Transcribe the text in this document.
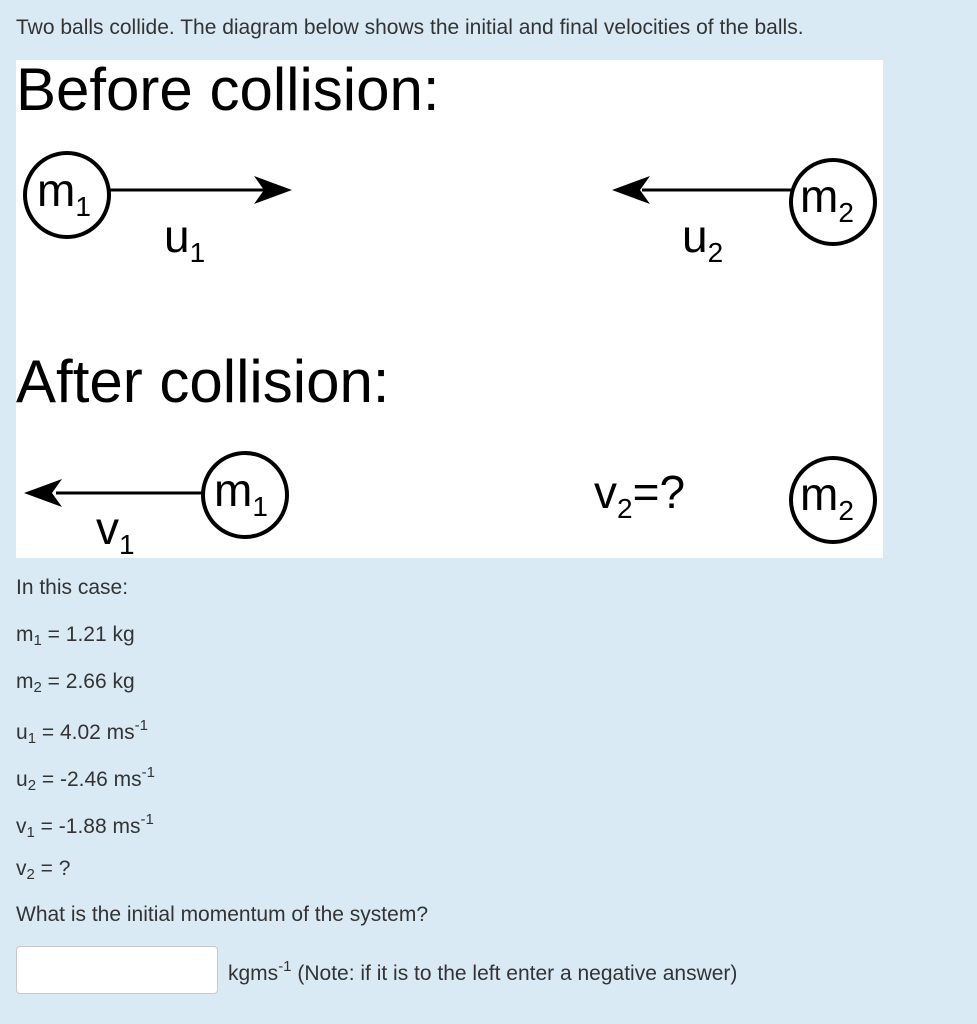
Two balls collide. The diagram below shows the initial and final velocities of the balls.
Before collision:
$m_1$
$u_1$
$m_2$
$u_2$
After collision:
$m_1$
$v_1$
$m_2$
$v_2=$?
In this case:
$m_1 = 1.21$ kg
$m_2 = 2.66$ kg
$u_1 = 4.02$ $ms^{-1}$
$u_2 = -2.46$ $ms^{-1}$
$v_1 = -1.88$ $ms^{-1}$
$v_2$ = ?
What is the initial momentum of the system?
kgms$^{-1}$ (Note: if it is to the left enter a negative answer)
